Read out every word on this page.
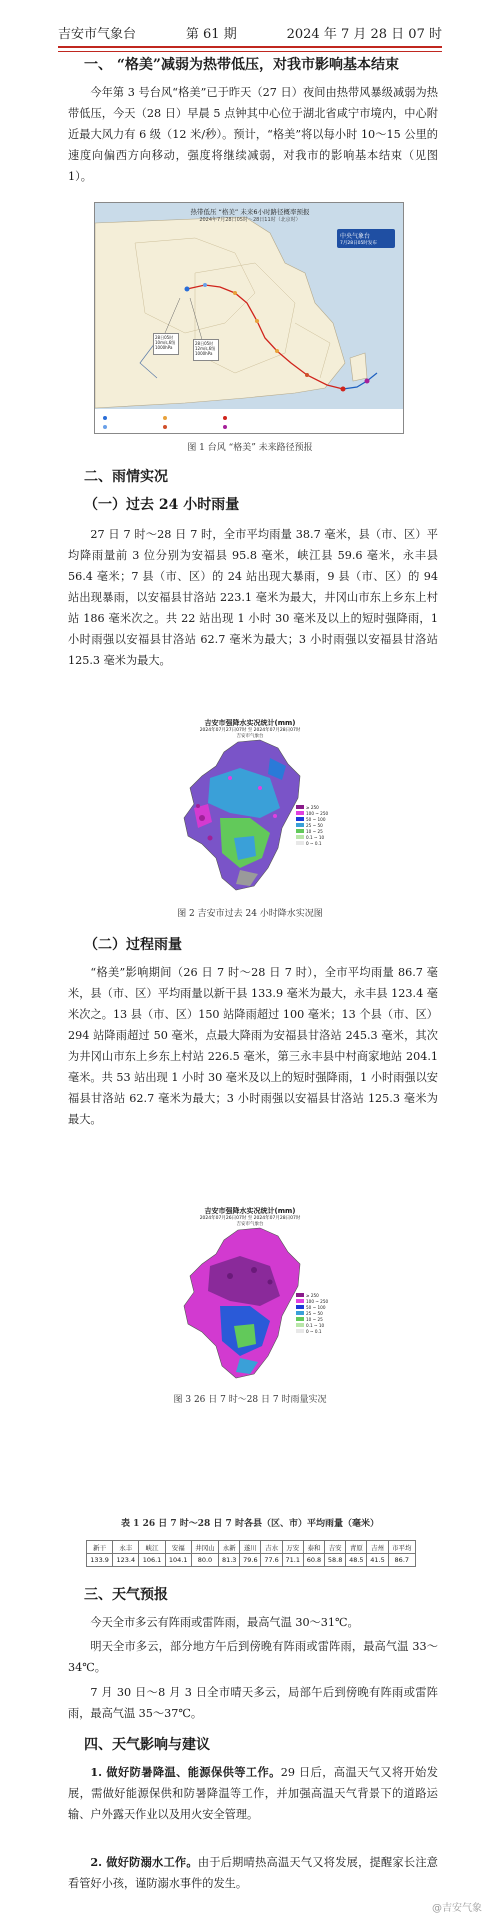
吉安市气象台	第 61 期	2024 年 7 月 28 日 07 时
一、 “格美”减弱为热带低压，对我市影响基本结束
今年第 3 号台风“格美”已于昨天（27 日）夜间由热带风暴级减弱为热带低压，今天（28 日）早晨 5 点钟其中心位于湖北省咸宁市境内，中心附近最大风力有 6 级（12 米/秒）。预计，“格美”将以每小时 10～15 公里的速度向偏西方向移动，强度将继续减弱，对我市的影响基本结束（见图 1）。
热带低压 “格美” 未来6小时路径概率预报
2024年7月28日05时～28日11时（北京时）
中央气象台
7月28日05时发布
28日05时
10m/s,6级
1000hPa
28日05时
12m/s,6级
1000hPa
图 1 台风 “格美” 未来路径预报
二、雨情实况
（一）过去 24 小时雨量
27 日 7 时～28 日 7 时，全市平均雨量 38.7 毫米，县（市、区）平均降雨量前 3 位分别为安福县 95.8 毫米，峡江县 59.6 毫米，永丰县 56.4 毫米；7 县（市、区）的 24 站出现大暴雨，9 县（市、区）的 94 站出现暴雨，以安福县甘洛站 223.1 毫米为最大，井冈山市东上乡东上村站 186 毫米次之。共 22 站出现 1 小时 30 毫米及以上的短时强降雨，1 小时雨强以安福县甘洛站 62.7 毫米为最大；3 小时雨强以安福县甘洛站 125.3 毫米为最大。
吉安市强降水实况统计(mm)
2024年07月27日07时 至 2024年07月28日07时
吉安市气象台
≥ 250
100 ~ 250
50 ~ 100
25 ~ 50
10 ~ 25
0.1 ~ 10
0 ~ 0.1
图 2 吉安市过去 24 小时降水实况图
（二）过程雨量
“格美”影响期间（26 日 7 时～28 日 7 时），全市平均雨量 86.7 毫米，县（市、区）平均雨量以新干县 133.9 毫米为最大，永丰县 123.4 毫米次之。13 县（市、区）150 站降雨超过 100 毫米；13 个县（市、区）294 站降雨超过 50 毫米，点最大降雨为安福县甘洛站 245.3 毫米，其次为井冈山市东上乡东上村站 226.5 毫米，第三永丰县中村商家地站 204.1 毫米。共 53 站出现 1 小时 30 毫米及以上的短时强降雨，1 小时雨强以安福县甘洛站 62.7 毫米为最大；3 小时雨强以安福县甘洛站 125.3 毫米为最大。
吉安市强降水实况统计(mm)
2024年07月26日07时 至 2024年07月28日07时
吉安市气象台
≥ 250
100 ~ 250
50 ~ 100
25 ~ 50
10 ~ 25
0.1 ~ 10
0 ~ 0.1
图 3 26 日 7 时～28 日 7 时雨量实况
表 1 26 日 7 时～28 日 7 时各县（区、市）平均雨量（毫米）
新干	永丰	峡江	安福	井冈山	永新	遂川	吉水	万安	泰和	吉安	青原	吉州	市平均
133.9	123.4	106.1	104.1	80.0	81.3	79.6	77.6	71.1	60.8	58.8	48.5	41.5	86.7
三、天气预报
今天全市多云有阵雨或雷阵雨，最高气温 30～31℃。
明天全市多云，部分地方午后到傍晚有阵雨或雷阵雨，最高气温 33～34℃。
7 月 30 日～8 月 3 日全市晴天多云，局部午后到傍晚有阵雨或雷阵雨，最高气温 35～37℃。
四、天气影响与建议
1. 做好防暑降温、能源保供等工作。29 日后，高温天气又将开始发展，需做好能源保供和防暑降温等工作，并加强高温天气背景下的道路运输、户外露天作业以及用火安全管理。
2. 做好防溺水工作。由于后期晴热高温天气又将发展，提醒家长注意看管好小孩，谨防溺水事件的发生。
@吉安气象
